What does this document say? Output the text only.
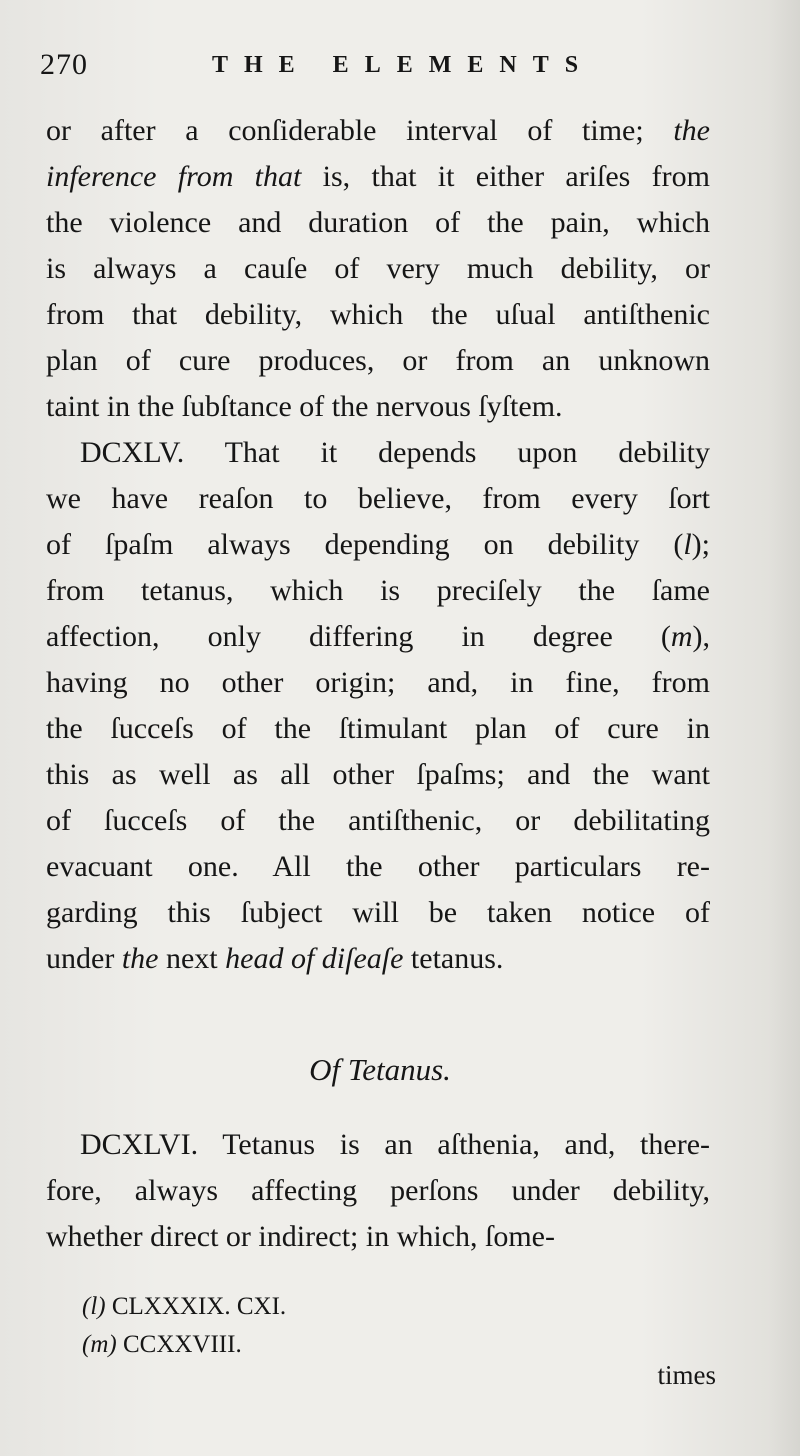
270	THE ELEMENTS
or after a conſiderable interval of time; the
inference from that is, that it either ariſes from
the violence and duration of the pain, which
is always a cauſe of very much debility, or
from that debility, which the uſual antiſthenic
plan of cure produces, or from an unknown
taint in the ſubſtance of the nervous ſyſtem.
DCXLV. That it depends upon debility
we have reaſon to believe, from every ſort
of ſpaſm always depending on debility (l);
from tetanus, which is preciſely the ſame
affection, only differing in degree (m),
having no other origin; and, in fine, from
the ſucceſs of the ſtimulant plan of cure in
this as well as all other ſpaſms; and the want
of ſucceſs of the antiſthenic, or debilitating
evacuant one. All the other particulars re-
garding this ſubject will be taken notice of
under the next head of diſeaſe tetanus.
Of Tetanus.
DCXLVI. Tetanus is an aſthenia, and, there-
fore, always affecting perſons under debility,
whether direct or indirect; in which, ſome-
(l) CLXXXIX. CXI.
(m) CCXXVIII.
times
